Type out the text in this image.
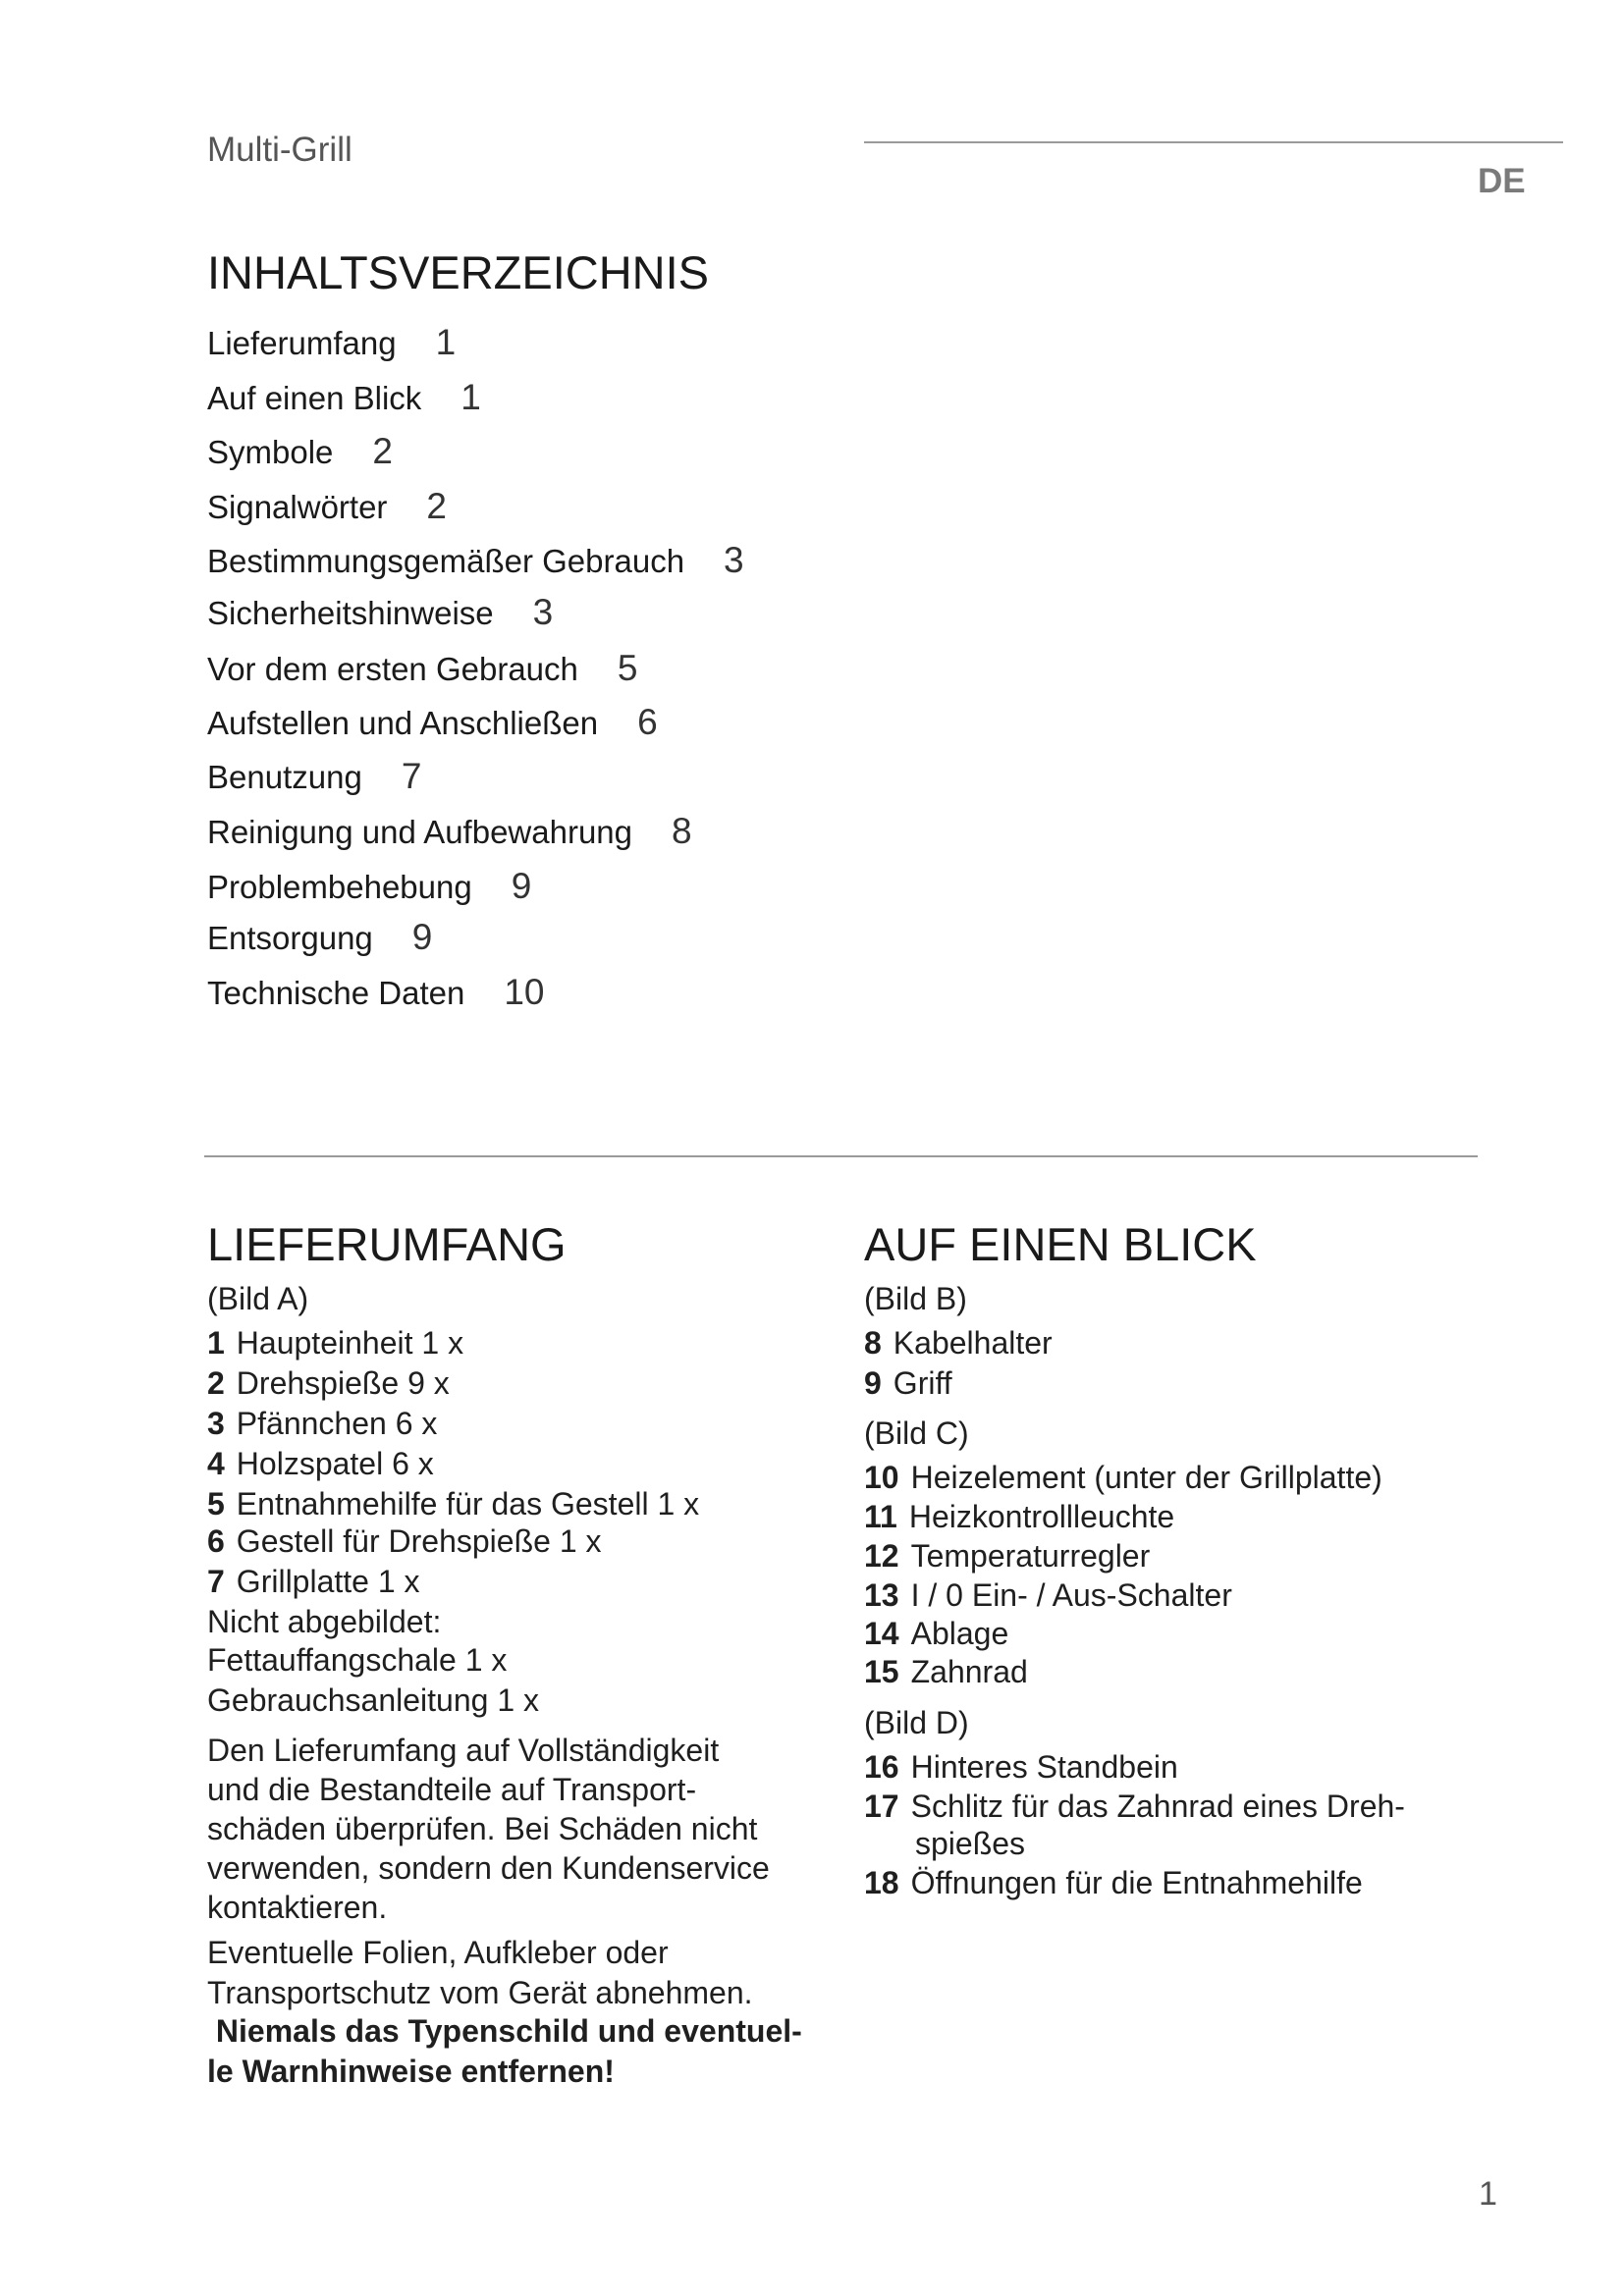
Multi-Grill
DE
INHALTSVERZEICHNIS
Lieferumfang 1
Auf einen Blick 1
Symbole 2
Signalwörter 2
Bestimmungsgemäßer Gebrauch 3
Sicherheitshinweise 3
Vor dem ersten Gebrauch 5
Aufstellen und Anschließen 6
Benutzung 7
Reinigung und Aufbewahrung 8
Problembehebung 9
Entsorgung 9
Technische Daten 10
LIEFERUMFANG
(Bild A)
1 Haupteinheit 1 x
2 Drehspieße 9 x
3 Pfännchen 6 x
4 Holzspatel 6 x
5 Entnahmehilfe für das Gestell 1 x
6 Gestell für Drehspieße 1 x
7 Grillplatte 1 x
Nicht abgebildet:
Fettauffangschale 1 x
Gebrauchsanleitung 1 x
Den Lieferumfang auf Vollständigkeit
und die Bestandteile auf Transport-
schäden überprüfen. Bei Schäden nicht
verwenden, sondern den Kundenservice
kontaktieren.
Eventuelle Folien, Aufkleber oder
Transportschutz vom Gerät abnehmen.
Niemals das Typenschild und eventuel-
le Warnhinweise entfernen!
AUF EINEN BLICK
(Bild B)
8 Kabelhalter
9 Griff
(Bild C)
10 Heizelement (unter der Grillplatte)
11 Heizkontrollleuchte
12 Temperaturregler
13 I / 0 Ein- / Aus-Schalter
14 Ablage
15 Zahnrad
(Bild D)
16 Hinteres Standbein
17 Schlitz für das Zahnrad eines Dreh-
spießes
18 Öffnungen für die Entnahmehilfe
1
